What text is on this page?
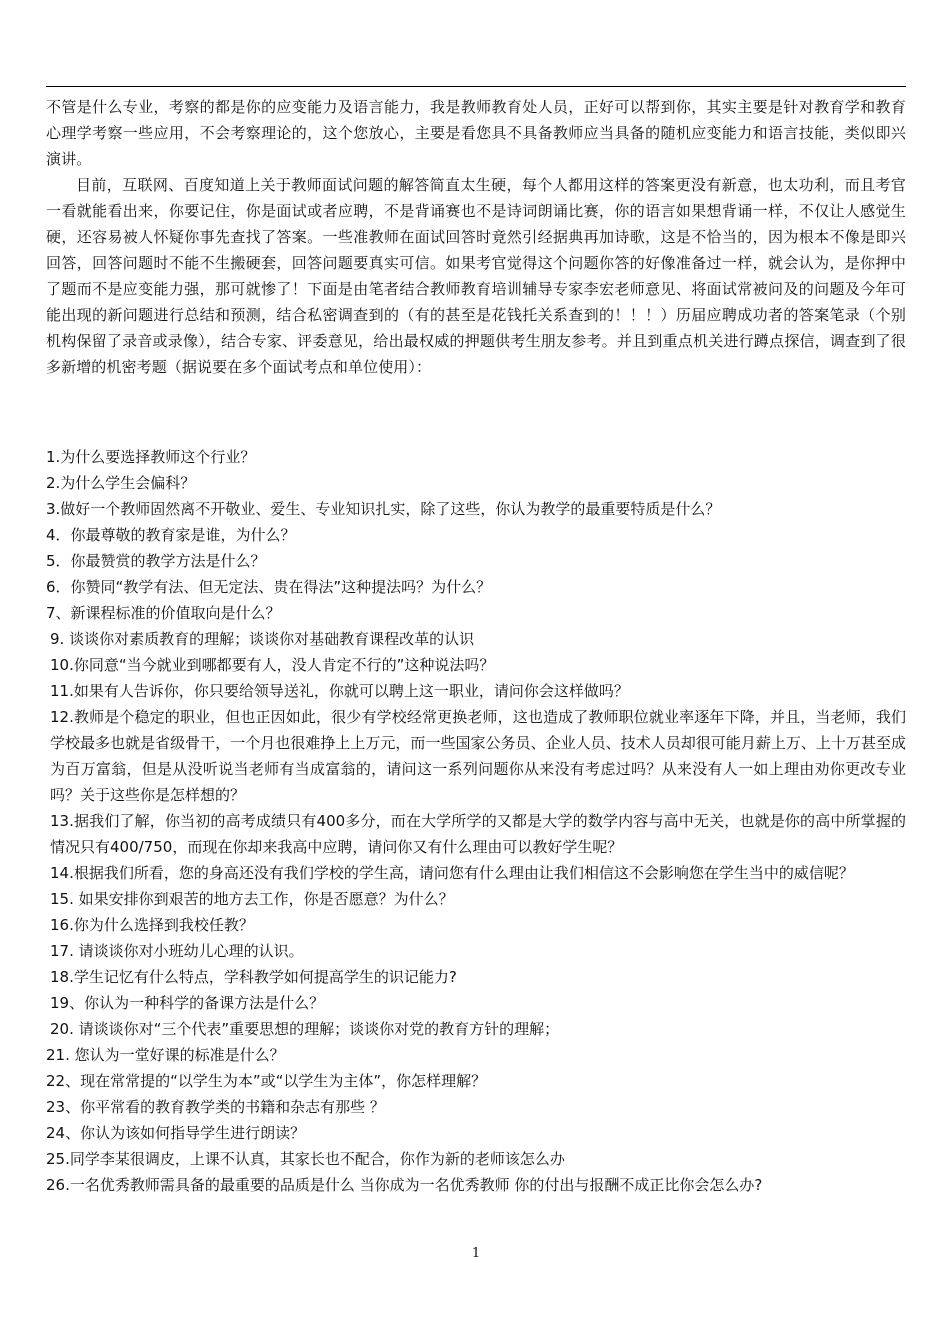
不管是什么专业，考察的都是你的应变能力及语言能力，我是教师教育处人员，正好可以帮到你，其实主要是针对教育学和教育心理学考察一些应用，不会考察理论的，这个您放心，主要是看您具不具备教师应当具备的随机应变能力和语言技能，类似即兴演讲。

目前，互联网、百度知道上关于教师面试问题的解答简直太生硬，每个人都用这样的答案更没有新意，也太功利，而且考官一看就能看出来，你要记住，你是面试或者应聘，不是背诵赛也不是诗词朗诵比赛，你的语言如果想背诵一样，不仅让人感觉生硬，还容易被人怀疑你事先查找了答案。一些准教师在面试回答时竟然引经据典再加诗歌，这是不恰当的，因为根本不像是即兴回答，回答问题时不能不生搬硬套，回答问题要真实可信。如果考官觉得这个问题你答的好像准备过一样，就会认为，是你押中了题而不是应变能力强，那可就惨了！下面是由笔者结合教师教育培训辅导专家李宏老师意见、将面试常被问及的问题及今年可能出现的新问题进行总结和预测，结合私密调查到的（有的甚至是花钱托关系查到的！！！）历届应聘成功者的答案笔录（个别机构保留了录音或录像），结合专家、评委意见，给出最权威的押题供考生朋友参考。并且到重点机关进行蹲点探信，调查到了很多新增的机密考题（据说要在多个面试考点和单位使用）：

1.为什么要选择教师这个行业？
2.为什么学生会偏科？
3.做好一个教师固然离不开敬业、爱生、专业知识扎实，除了这些，你认为教学的最重要特质是什么？
4．你最尊敬的教育家是谁，为什么？
5．你最赞赏的教学方法是什么？
6．你赞同“教学有法、但无定法、贵在得法”这种提法吗？为什么？
7、新课程标准的价值取向是什么？
9. 谈谈你对素质教育的理解；谈谈你对基础教育课程改革的认识
10.你同意“当今就业到哪都要有人，没人肯定不行的”这种说法吗？
11.如果有人告诉你，你只要给领导送礼，你就可以聘上这一职业，请问你会这样做吗？
12.教师是个稳定的职业，但也正因如此，很少有学校经常更换老师，这也造成了教师职位就业率逐年下降，并且，当老师，我们学校最多也就是省级骨干，一个月也很难挣上上万元，而一些国家公务员、企业人员、技术人员却很可能月薪上万、上十万甚至成为百万富翁，但是从没听说当老师有当成富翁的，请问这一系列问题你从来没有考虑过吗？从来没有人一如上理由劝你更改专业吗？关于这些你是怎样想的？
13.据我们了解，你当初的高考成绩只有400多分，而在大学所学的又都是大学的数学内容与高中无关，也就是你的高中所掌握的情况只有400/750，而现在你却来我高中应聘，请问你又有什么理由可以教好学生呢？
14.根据我们所看，您的身高还没有我们学校的学生高，请问您有什么理由让我们相信这不会影响您在学生当中的威信呢？
15. 如果安排你到艰苦的地方去工作，你是否愿意？为什么？
16.你为什么选择到我校任教？
17. 请谈谈你对小班幼儿心理的认识。
18.学生记忆有什么特点，学科教学如何提高学生的识记能力?
19、你认为一种科学的备课方法是什么？
20. 请谈谈你对“三个代表”重要思想的理解；谈谈你对党的教育方针的理解；
21. 您认为一堂好课的标准是什么？
22、现在常常提的“以学生为本”或“以学生为主体”，你怎样理解？
23、你平常看的教育教学类的书籍和杂志有那些 ？
24、你认为该如何指导学生进行朗读？
25.同学李某很调皮，上课不认真，其家长也不配合，你作为新的老师该怎么办
26.一名优秀教师需具备的最重要的品质是什么 当你成为一名优秀教师 你的付出与报酬不成正比你会怎么办?
1
